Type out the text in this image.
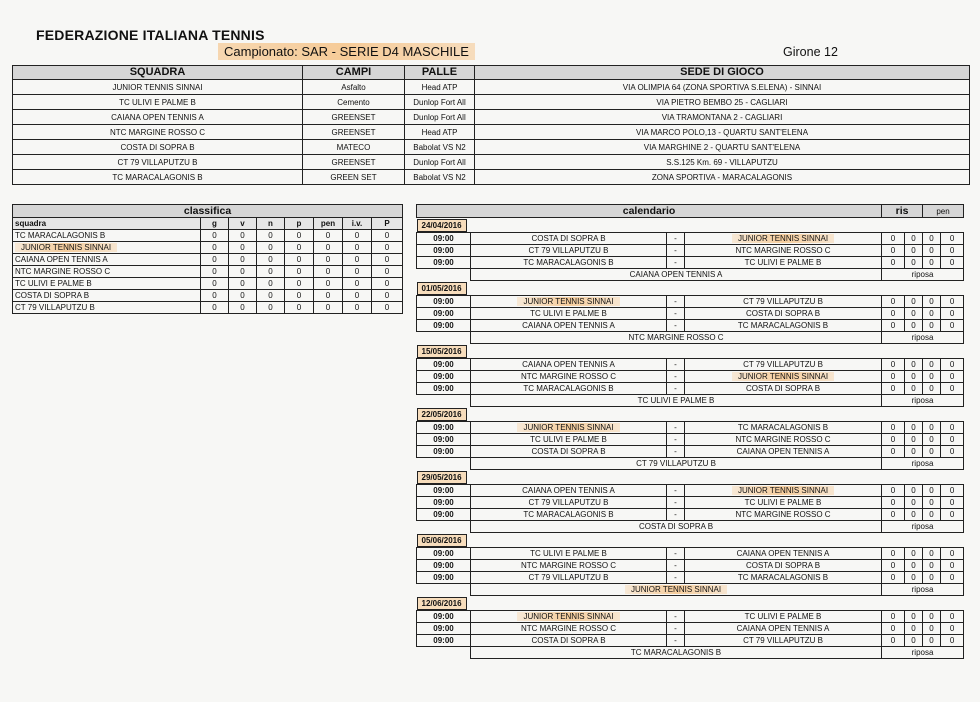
FEDERAZIONE ITALIANA TENNIS
Campionato: SAR - SERIE D4 MASCHILE	Girone 12
SQUADRA	CAMPI	PALLE	SEDE DI GIOCO
JUNIOR TENNIS SINNAI	Asfalto	Head ATP	VIA OLIMPIA 64 (ZONA SPORTIVA S.ELENA) - SINNAI
TC ULIVI E PALME B	Cemento	Dunlop Fort All	VIA PIETRO BEMBO 25 - CAGLIARI
CAIANA OPEN TENNIS A	GREENSET	Dunlop Fort All	VIA TRAMONTANA 2 - CAGLIARI
NTC MARGINE ROSSO C	GREENSET	Head ATP	VIA MARCO POLO,13 - QUARTU SANT'ELENA
COSTA DI SOPRA B	MATECO	Babolat VS N2	VIA MARGHINE 2 - QUARTU SANT'ELENA
CT 79 VILLAPUTZU B	GREENSET	Dunlop Fort All	S.S.125 Km. 69 - VILLAPUTZU
TC MARACALAGONIS B	GREEN SET	Babolat VS N2	ZONA SPORTIVA - MARACALAGONIS
classifica							
squadra	g	v	n	p	pen	i.v.	P
TC MARACALAGONIS B	0	0	0	0	0	0	0
JUNIOR TENNIS SINNAI	0	0	0	0	0	0	0
CAIANA OPEN TENNIS A	0	0	0	0	0	0	0
NTC MARGINE ROSSO C	0	0	0	0	0	0	0
TC ULIVI E PALME B	0	0	0	0	0	0	0
COSTA DI SOPRA B	0	0	0	0	0	0	0
CT 79 VILLAPUTZU B	0	0	0	0	0	0	0
calendario				ris		pen	
24/04/2016							
09:00	COSTA DI SOPRA B	-	JUNIOR TENNIS SINNAI	0	0	0	0
09:00	CT 79 VILLAPUTZU B	-	NTC MARGINE ROSSO C	0	0	0	0
09:00	TC MARACALAGONIS B	-	TC ULIVI E PALME B	0	0	0	0
	CAIANA OPEN TENNIS A			riposa			
01/05/2016							
09:00	JUNIOR TENNIS SINNAI	-	CT 79 VILLAPUTZU B	0	0	0	0
09:00	TC ULIVI E PALME B	-	COSTA DI SOPRA B	0	0	0	0
09:00	CAIANA OPEN TENNIS A	-	TC MARACALAGONIS B	0	0	0	0
	NTC MARGINE ROSSO C			riposa			
15/05/2016							
09:00	CAIANA OPEN TENNIS A	-	CT 79 VILLAPUTZU B	0	0	0	0
09:00	NTC MARGINE ROSSO C	-	JUNIOR TENNIS SINNAI	0	0	0	0
09:00	TC MARACALAGONIS B	-	COSTA DI SOPRA B	0	0	0	0
	TC ULIVI E PALME B			riposa			
22/05/2016							
09:00	JUNIOR TENNIS SINNAI	-	TC MARACALAGONIS B	0	0	0	0
09:00	TC ULIVI E PALME B	-	NTC MARGINE ROSSO C	0	0	0	0
09:00	COSTA DI SOPRA B	-	CAIANA OPEN TENNIS A	0	0	0	0
	CT 79 VILLAPUTZU B			riposa			
29/05/2016							
09:00	CAIANA OPEN TENNIS A	-	JUNIOR TENNIS SINNAI	0	0	0	0
09:00	CT 79 VILLAPUTZU B	-	TC ULIVI E PALME B	0	0	0	0
09:00	TC MARACALAGONIS B	-	NTC MARGINE ROSSO C	0	0	0	0
	COSTA DI SOPRA B			riposa			
05/06/2016							
09:00	TC ULIVI E PALME B	-	CAIANA OPEN TENNIS A	0	0	0	0
09:00	NTC MARGINE ROSSO C	-	COSTA DI SOPRA B	0	0	0	0
09:00	CT 79 VILLAPUTZU B	-	TC MARACALAGONIS B	0	0	0	0
	JUNIOR TENNIS SINNAI			riposa			
12/06/2016							
09:00	JUNIOR TENNIS SINNAI	-	TC ULIVI E PALME B	0	0	0	0
09:00	NTC MARGINE ROSSO C	-	CAIANA OPEN TENNIS A	0	0	0	0
09:00	COSTA DI SOPRA B	-	CT 79 VILLAPUTZU B	0	0	0	0
	TC MARACALAGONIS B			riposa			
